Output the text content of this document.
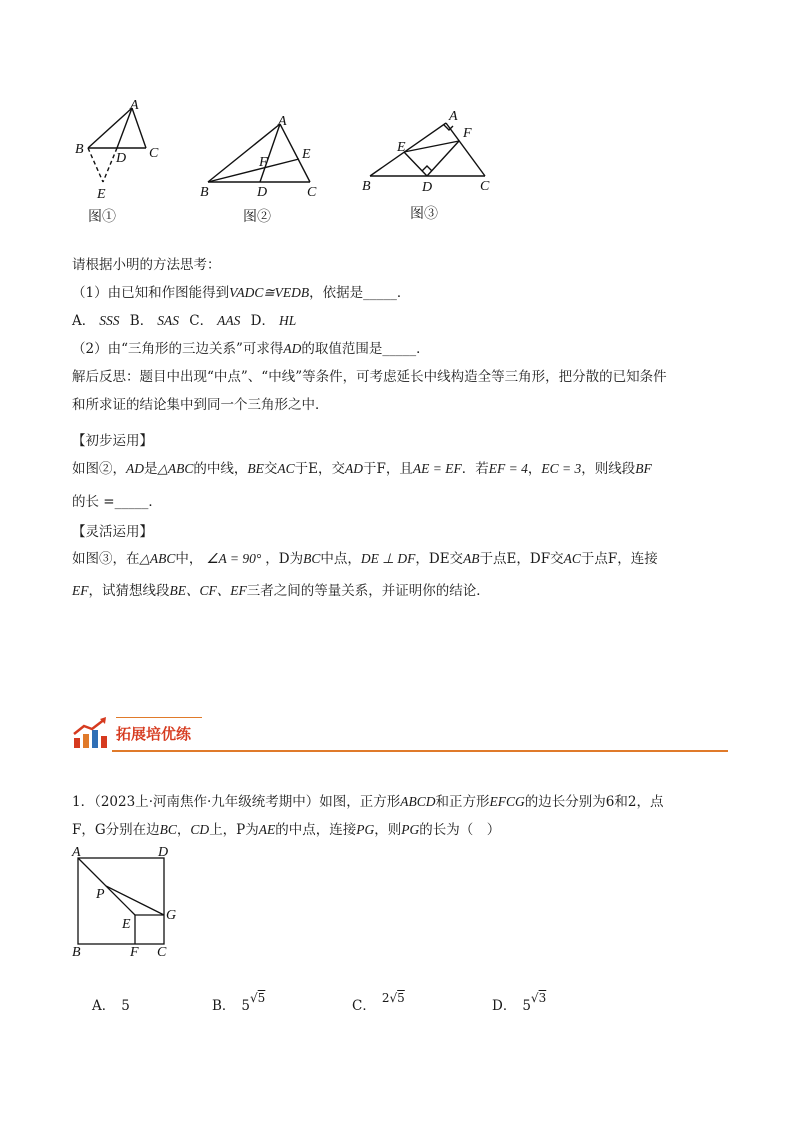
A
B	C
D
E
图①
A
B	C
D
E
F
图②
A
B	C
D
E
F
图③
请根据小明的方法思考：
（1）由已知和作图能得到VADC≅VEDB，依据是_____．
A． SSS B． SAS C． AAS D． HL
（2）由“三角形的三边关系”可求得AD的取值范围是_____．
解后反思：题目中出现“中点”、“中线”等条件，可考虑延长中线构造全等三角形，把分散的已知条件
和所求证的结论集中到同一个三角形之中．
【初步运用】
如图②，AD是△ABC的中线，BE交AC于E，交AD于F，且AE = EF．若EF = 4，EC = 3，则线段BF
的长 =_____．
【灵活运用】
如图③，在△ABC中， ∠A = 90° ，D为BC中点，DE ⊥ DF，DE交AB于点E，DF交AC于点F，连接
EF，试猜想线段BE、CF、EF三者之间的等量关系，并证明你的结论．
拓展培优练
1．（2023上·河南焦作·九年级统考期中）如图，正方形ABCD和正方形EFCG的边长分别为6和2，点
F，G分别在边BC，CD上，P为AE的中点，连接PG，则PG的长为（　）
A	D
B	C
F
G
E
P
A． 5	B． 5√5	C． 2√5	D． 5√3
